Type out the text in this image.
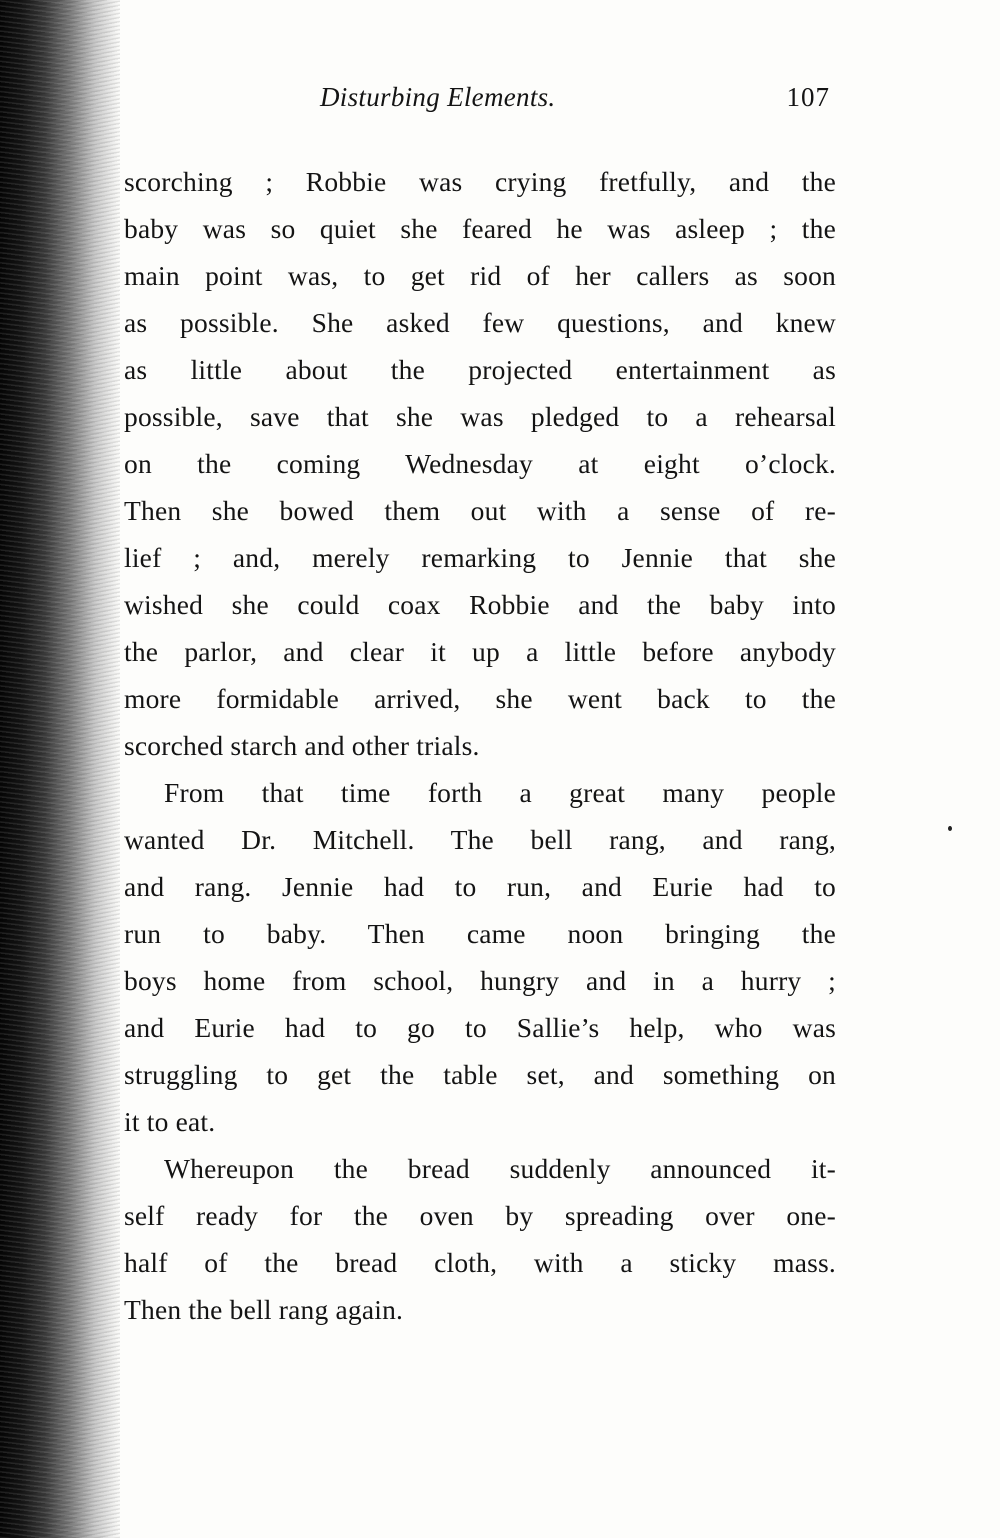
Disturbing Elements.	107
scorching ; Robbie was crying fretfully, and the
baby was so quiet she feared he was asleep ; the
main point was, to get rid of her callers as soon
as possible. She asked few questions, and knew
as little about the projected entertainment as
possible, save that she was pledged to a rehearsal
on the coming Wednesday at eight o’clock.
Then she bowed them out with a sense of re-
lief ; and, merely remarking to Jennie that she
wished she could coax Robbie and the baby into
the parlor, and clear it up a little before anybody
more formidable arrived, she went back to the
scorched starch and other trials.
From that time forth a great many people
wanted Dr. Mitchell. The bell rang, and rang,
and rang. Jennie had to run, and Eurie had to
run to baby. Then came noon bringing the
boys home from school, hungry and in a hurry ;
and Eurie had to go to Sallie’s help, who was
struggling to get the table set, and something on
it to eat.
Whereupon the bread suddenly announced it-
self ready for the oven by spreading over one-
half of the bread cloth, with a sticky mass.
Then the bell rang again.
